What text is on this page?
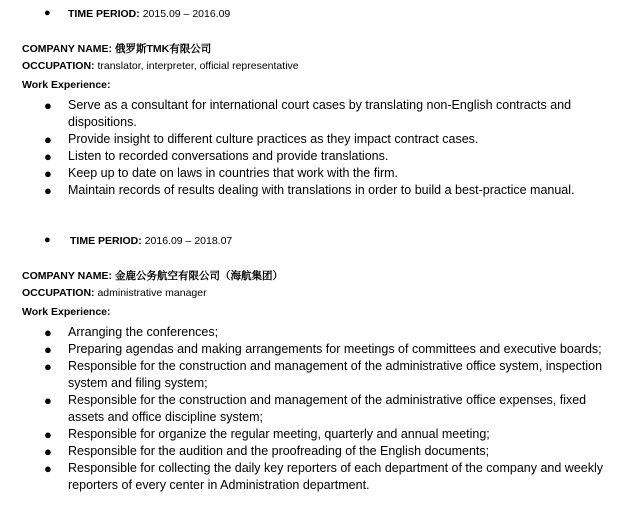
● TIME PERIOD: 2015.09 – 2016.09
COMPANY NAME: 俄罗斯TMK有限公司
OCCUPATION: translator, interpreter, official representative
Work Experience:
● Serve as a consultant for international court cases by translating non-English contracts and dispositions.
● Provide insight to different culture practices as they impact contract cases.
● Listen to recorded conversations and provide translations.
● Keep up to date on laws in countries that work with the firm.
● Maintain records of results dealing with translations in order to build a best-practice manual.
● TIME PERIOD: 2016.09 – 2018.07
COMPANY NAME: 金鹿公务航空有限公司（海航集团）
OCCUPATION: administrative manager
Work Experience:
● Arranging the conferences;
● Preparing agendas and making arrangements for meetings of committees and executive boards;
● Responsible for the construction and management of the administrative office system, inspection system and filing system;
● Responsible for the construction and management of the administrative office expenses, fixed assets and office discipline system;
● Responsible for organize the regular meeting, quarterly and annual meeting;
● Responsible for the audition and the proofreading of the English documents;
● Responsible for collecting the daily key reporters of each department of the company and weekly reporters of every center in Administration department.
